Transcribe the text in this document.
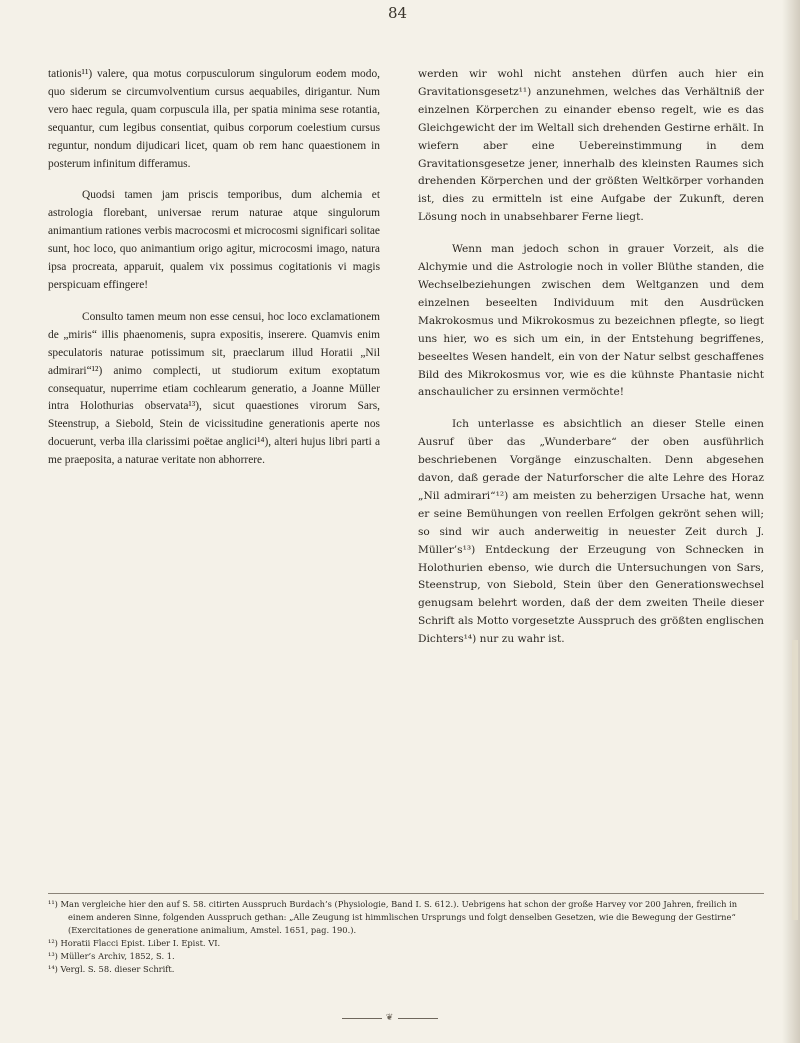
84

tationis¹¹) valere, qua motus corpusculorum singulorum eodem modo, quo siderum se circumvolventium cursus aequabiles, dirigantur. Num vero haec regula, quam corpuscula illa, per spatia minima sese rotantia, sequantur, cum legibus consentiat, quibus corporum coelestium cursus reguntur, nondum dijudicari licet, quam ob rem hanc quaestionem in posterum infinitum differamus.

Quodsi tamen jam priscis temporibus, dum alchemia et astrologia florebant, universae rerum naturae atque singulorum animantium rationes verbis macrocosmi et microcosmi significari solitae sunt, hoc loco, quo animantium origo agitur, microcosmi imago, natura ipsa procreata, apparuit, qualem vix possimus cogitationis vi magis perspicuam effingere!

Consulto tamen meum non esse censui, hoc loco exclamationem de „miris“ illis phaenomenis, supra expositis, inserere. Quamvis enim speculatoris naturae potissimum sit, praeclarum illud Horatii „Nil admirari“¹²) animo complecti, ut studiorum exitum exoptatum consequatur, nuperrime etiam cochlearum generatio, a Joanne Müller intra Holothurias observata¹³), sicut quaestiones virorum Sars, Steenstrup, a Siebold, Stein de vicissitudine generationis aperte nos docuerunt, verba illa clarissimi poëtae anglici¹⁴), alteri hujus libri parti a me praeposita, a naturae veritate non abhorrere.

werden wir wohl nicht anstehen dürfen auch hier ein Gravitationsgesetz¹¹) anzunehmen, welches das Verhältniß der einzelnen Körperchen zu einander ebenso regelt, wie es das Gleichgewicht der im Weltall sich drehenden Gestirne erhält. In wiefern aber eine Uebereinstimmung in dem Gravitationsgesetze jener, innerhalb des kleinsten Raumes sich drehenden Körperchen und der größten Weltkörper vorhanden ist, dies zu ermitteln ist eine Aufgabe der Zukunft, deren Lösung noch in unabsehbarer Ferne liegt.

Wenn man jedoch schon in grauer Vorzeit, als die Alchymie und die Astrologie noch in voller Blüthe standen, die Wechselbeziehungen zwischen dem Weltganzen und dem einzelnen beseelten Individuum mit den Ausdrücken Makrokosmus und Mikrokosmus zu bezeichnen pflegte, so liegt uns hier, wo es sich um ein, in der Entstehung begriffenes, beseeltes Wesen handelt, ein von der Natur selbst geschaffenes Bild des Mikrokosmus vor, wie es die kühnste Phantasie nicht anschaulicher zu ersinnen vermöchte!

Ich unterlasse es absichtlich an dieser Stelle einen Ausruf über das „Wunderbare“ der oben ausführlich beschriebenen Vorgänge einzuschalten. Denn abgesehen davon, daß gerade der Naturforscher die alte Lehre des Horaz „Nil admirari“¹²) am meisten zu beherzigen Ursache hat, wenn er seine Bemühungen von reellen Erfolgen gekrönt sehen will; so sind wir auch anderweitig in neuester Zeit durch J. Müller’s¹³) Entdeckung der Erzeugung von Schnecken in Holothurien ebenso, wie durch die Untersuchungen von Sars, Steenstrup, von Siebold, Stein über den Generationswechsel genugsam belehrt worden, daß der dem zweiten Theile dieser Schrift als Motto vorgesetzte Ausspruch des größten englischen Dichters¹⁴) nur zu wahr ist.

¹¹) Man vergleiche hier den auf S. 58. citirten Ausspruch Burdach’s (Physiologie, Band I. S. 612.). Uebrigens hat schon der große Harvey vor 200 Jahren, freilich in einem anderen Sinne, folgenden Ausspruch gethan: „Alle Zeugung ist himmlischen Ursprungs und folgt denselben Gesetzen, wie die Bewegung der Gestirne“ (Exercitationes de generatione animalium, Amstel. 1651, pag. 190.).

¹²) Horatii Flacci Epist. Liber I. Epist. VI.

¹³) Müller’s Archiv, 1852, S. 1.

¹⁴) Vergl. S. 58. dieser Schrift.

❦
